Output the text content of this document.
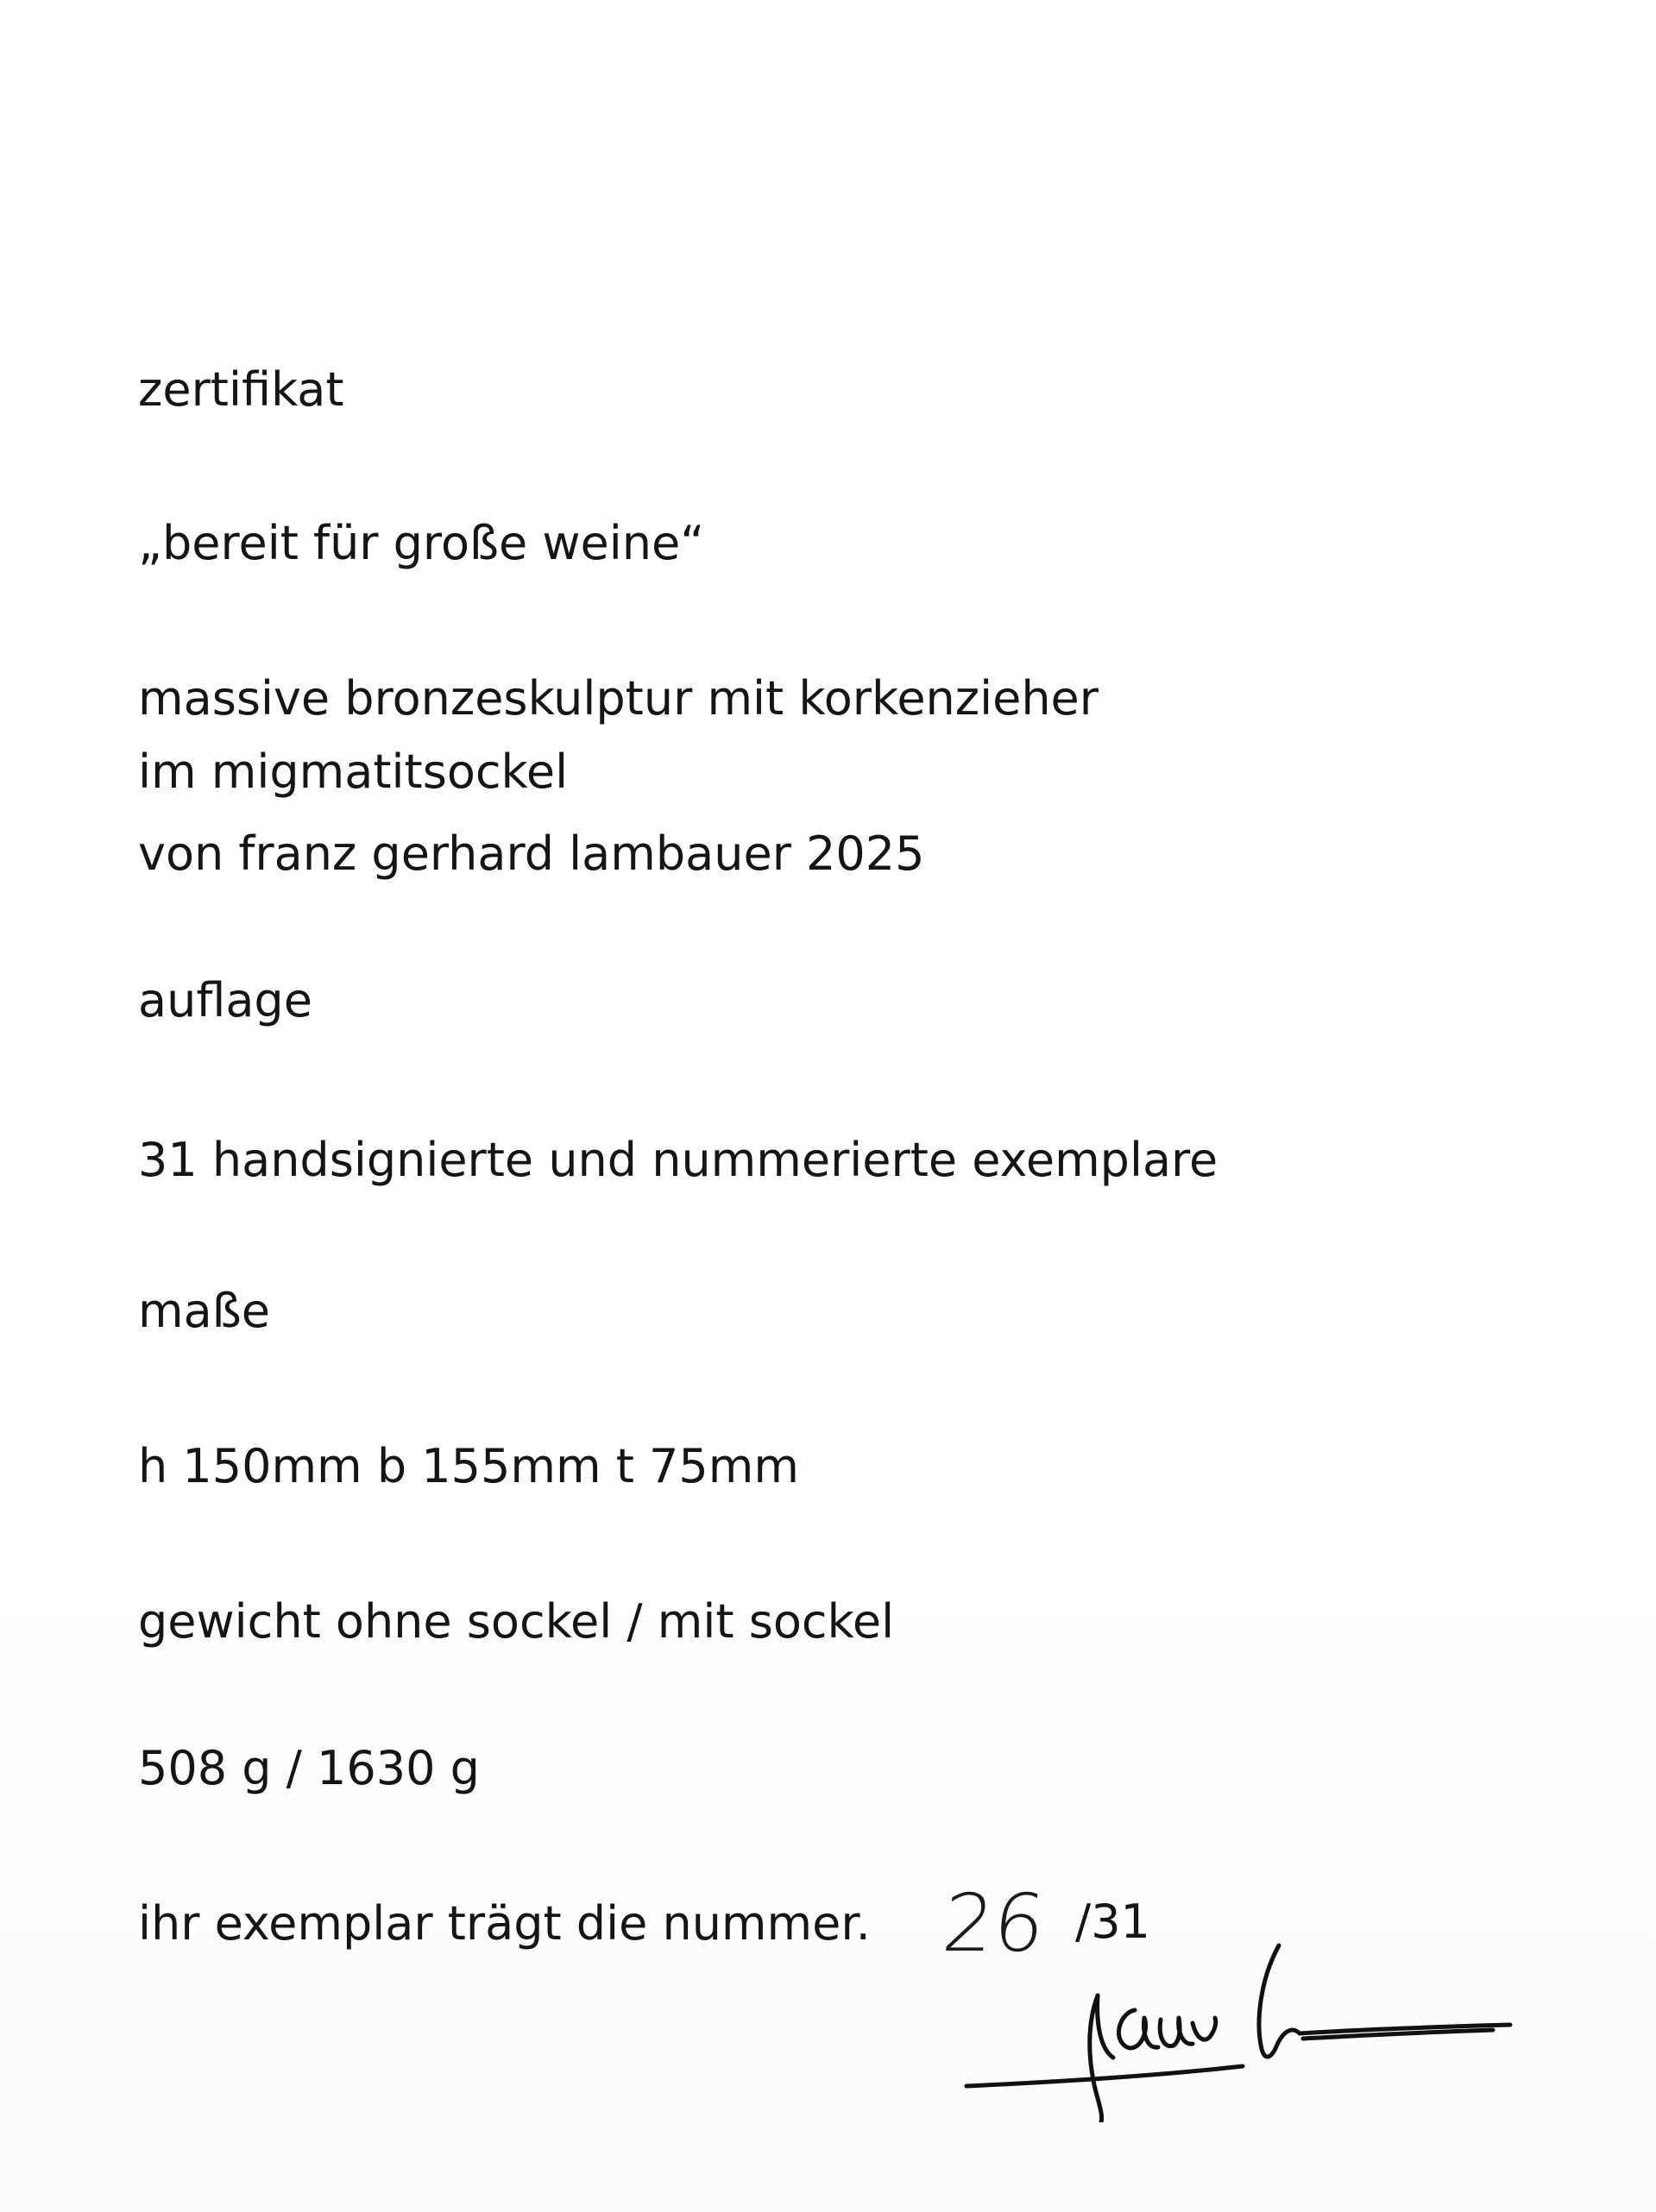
zertifikat
„bereit für große weine“
massive bronzeskulptur mit korkenzieher
im migmatitsockel
von franz gerhard lambauer 2025
auflage
31 handsignierte und nummerierte exemplare
maße
h 150mm b 155mm t 75mm
gewicht ohne sockel / mit sockel
508 g / 1630 g
ihr exemplar trägt die nummer. 26 /31
